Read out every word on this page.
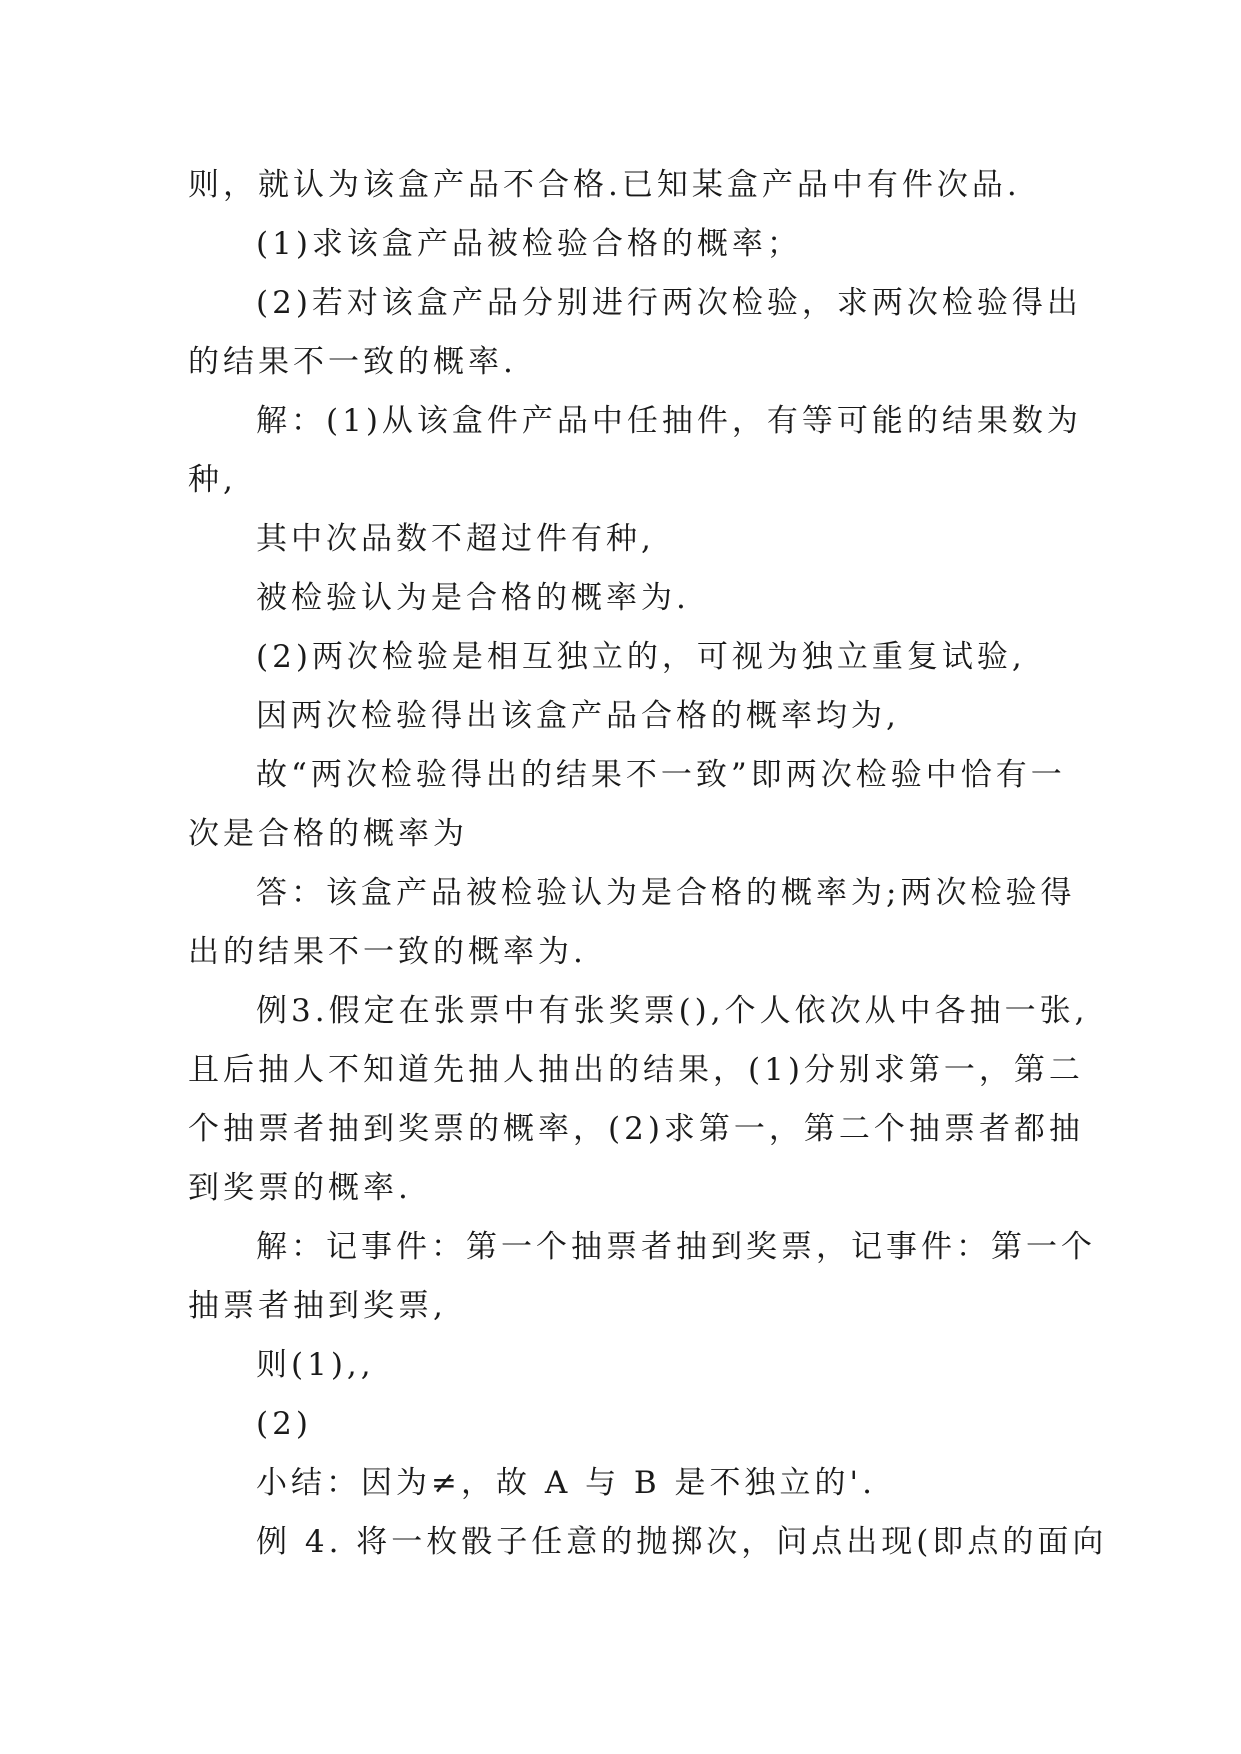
则，就认为该盒产品不合格.已知某盒产品中有件次品.
(1)求该盒产品被检验合格的概率；
(2)若对该盒产品分别进行两次检验，求两次检验得出
的结果不一致的概率.
解：(1)从该盒件产品中任抽件，有等可能的结果数为
种,
其中次品数不超过件有种,
被检验认为是合格的概率为.
(2)两次检验是相互独立的，可视为独立重复试验,
因两次检验得出该盒产品合格的概率均为,
故“两次检验得出的结果不一致”即两次检验中恰有一
次是合格的概率为
答：该盒产品被检验认为是合格的概率为;两次检验得
出的结果不一致的概率为.
例3.假定在张票中有张奖票(),个人依次从中各抽一张,
且后抽人不知道先抽人抽出的结果，(1)分别求第一，第二
个抽票者抽到奖票的概率，(2)求第一，第二个抽票者都抽
到奖票的概率.
解：记事件：第一个抽票者抽到奖票，记事件：第一个
抽票者抽到奖票,
则(1),,
(2)
小结：因为≠，故 A 与 B 是不独立的'.
例 4. 将一枚骰子任意的抛掷次，问点出现(即点的面向
